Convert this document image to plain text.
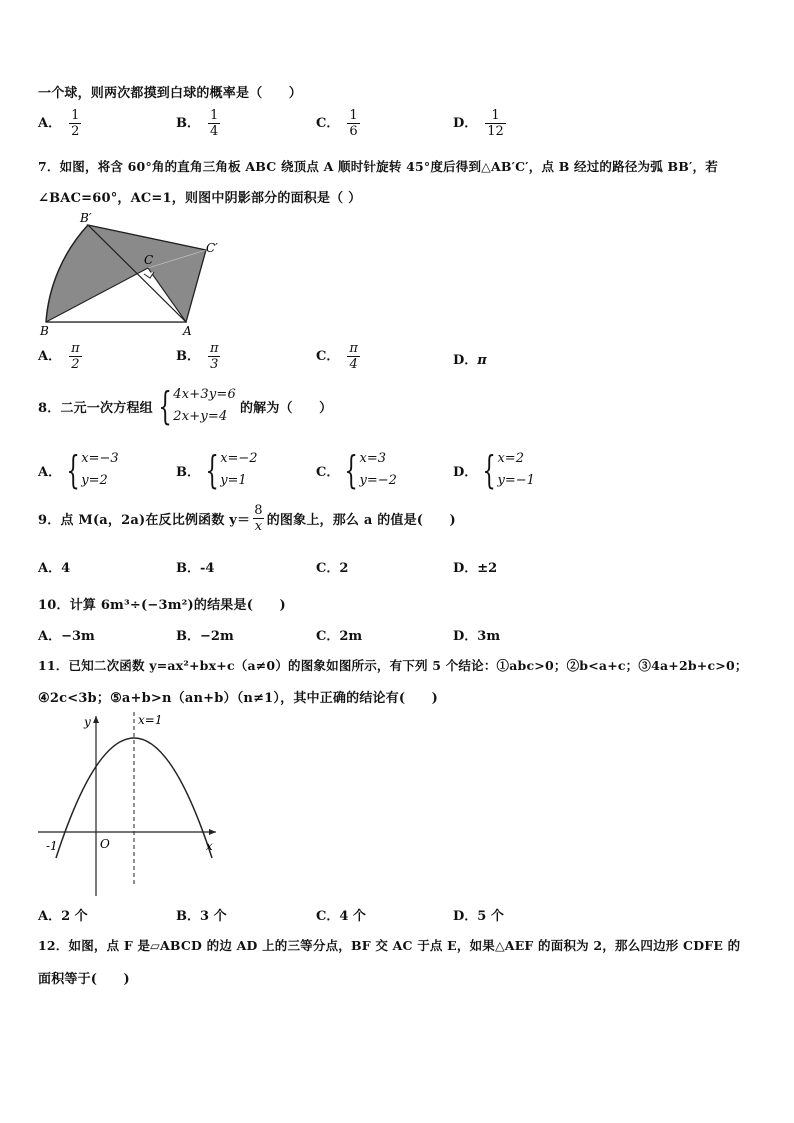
一个球，则两次都摸到白球的概率是（　　）
A． $\frac{1}{2}$	B． $\frac{1}{4}$	C． $\frac{1}{6}$	D． $\frac{1}{12}$
7．如图，将含 60°角的直角三角板 ABC 绕顶点 A 顺时针旋转 45°度后得到△AB′C′，点 B 经过的路径为弧 BB′，若
∠BAC=60°，AC=1，则图中阴影部分的面积是（ ）
B′
C′
C
B	A
A． $\frac{\pi}{2}$	B． $\frac{\pi}{3}$	C． $\frac{\pi}{4}$	D．π
8．二元一次方程组 { 4x+3y=6
2x+y=4
的解为（　　）
A． { x=−3
y=2
B． { x=−2
y=1
C． { x=3
y=−2
D． { x=2
y=−1
9．点 M(a，2a)在反比例函数 $y= \frac{8}{x}$ 的图象上，那么 a 的值是(　　)
A．4	B．-4	C．2	D．±2
10．计算 6m³÷(−3m²)的结果是(　　)
A．−3m	B．−2m	C．2m	D．3m
11．已知二次函数 y=ax²+bx+c（a≠0）的图象如图所示，有下列 5 个结论：①abc>0；②b<a+c；③4a+2b+c>0；
④2c<3b；⑤a+b>n（an+b）（n≠1），其中正确的结论有(　　)
y	x=1
-1	O	x
A．2 个	B．3 个	C．4 个	D．5 个
12．如图，点 F 是▱ABCD 的边 AD 上的三等分点，BF 交 AC 于点 E，如果△AEF 的面积为 2，那么四边形 CDFE 的
面积等于(　　)
